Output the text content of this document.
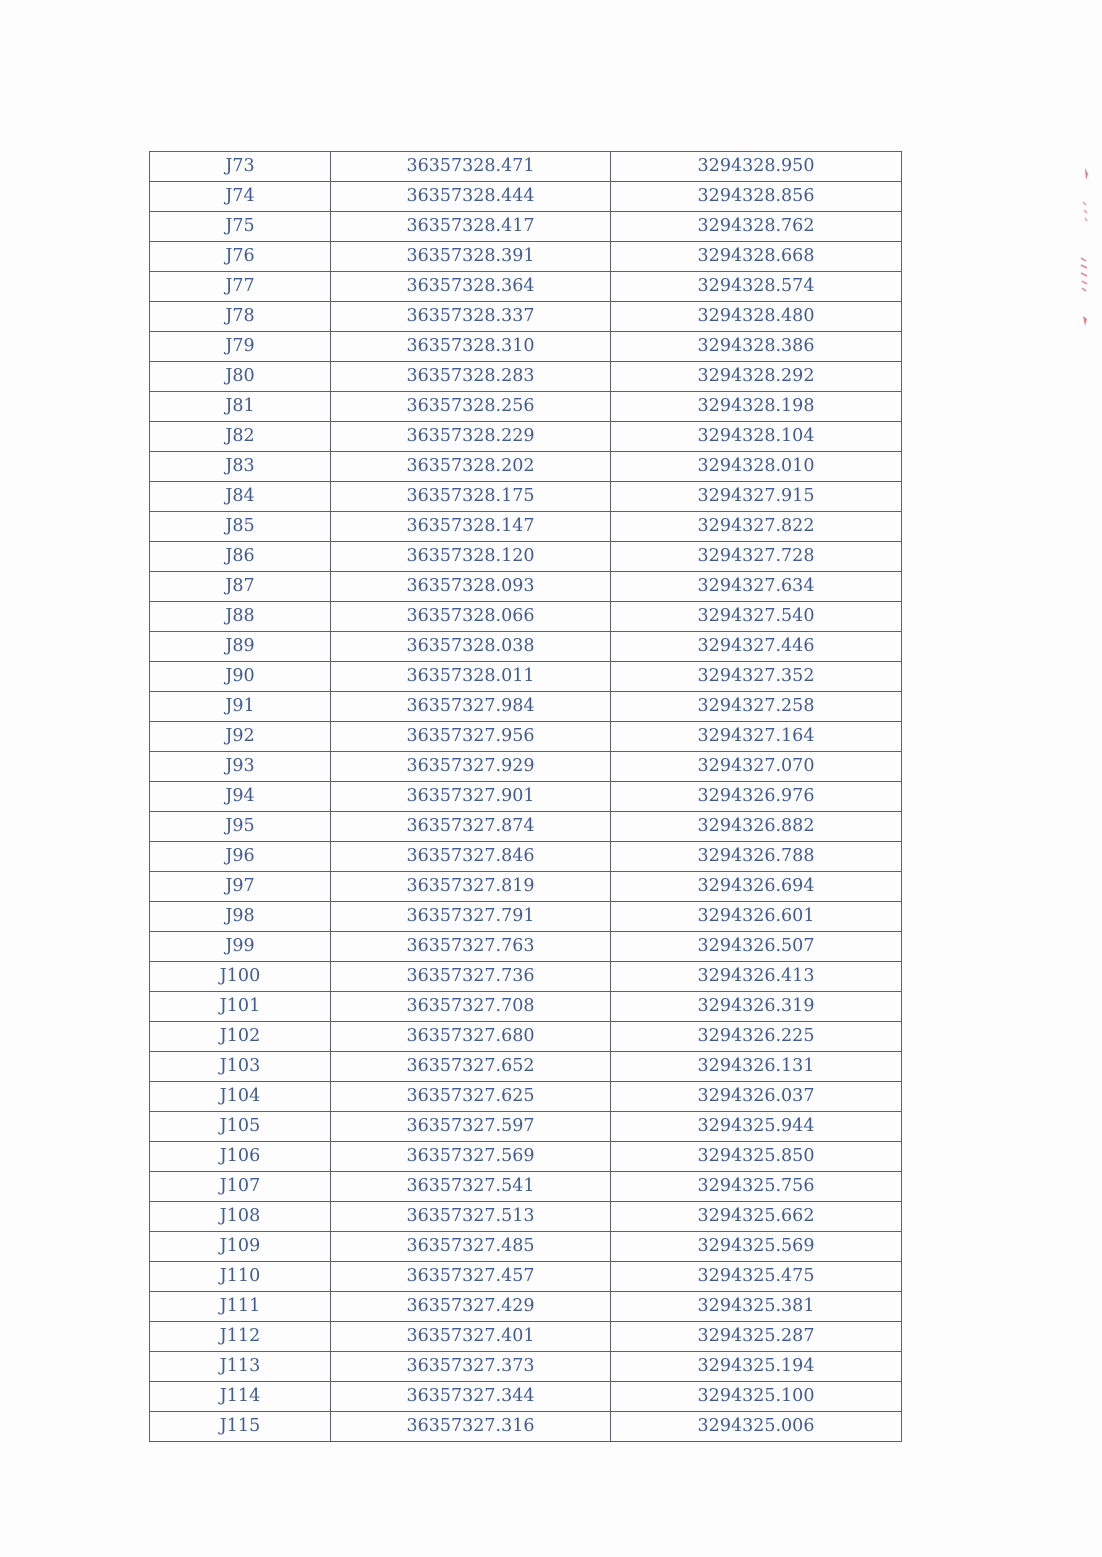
J73	36357328.471	3294328.950
J74	36357328.444	3294328.856
J75	36357328.417	3294328.762
J76	36357328.391	3294328.668
J77	36357328.364	3294328.574
J78	36357328.337	3294328.480
J79	36357328.310	3294328.386
J80	36357328.283	3294328.292
J81	36357328.256	3294328.198
J82	36357328.229	3294328.104
J83	36357328.202	3294328.010
J84	36357328.175	3294327.915
J85	36357328.147	3294327.822
J86	36357328.120	3294327.728
J87	36357328.093	3294327.634
J88	36357328.066	3294327.540
J89	36357328.038	3294327.446
J90	36357328.011	3294327.352
J91	36357327.984	3294327.258
J92	36357327.956	3294327.164
J93	36357327.929	3294327.070
J94	36357327.901	3294326.976
J95	36357327.874	3294326.882
J96	36357327.846	3294326.788
J97	36357327.819	3294326.694
J98	36357327.791	3294326.601
J99	36357327.763	3294326.507
J100	36357327.736	3294326.413
J101	36357327.708	3294326.319
J102	36357327.680	3294326.225
J103	36357327.652	3294326.131
J104	36357327.625	3294326.037
J105	36357327.597	3294325.944
J106	36357327.569	3294325.850
J107	36357327.541	3294325.756
J108	36357327.513	3294325.662
J109	36357327.485	3294325.569
J110	36357327.457	3294325.475
J111	36357327.429	3294325.381
J112	36357327.401	3294325.287
J113	36357327.373	3294325.194
J114	36357327.344	3294325.100
J115	36357327.316	3294325.006
